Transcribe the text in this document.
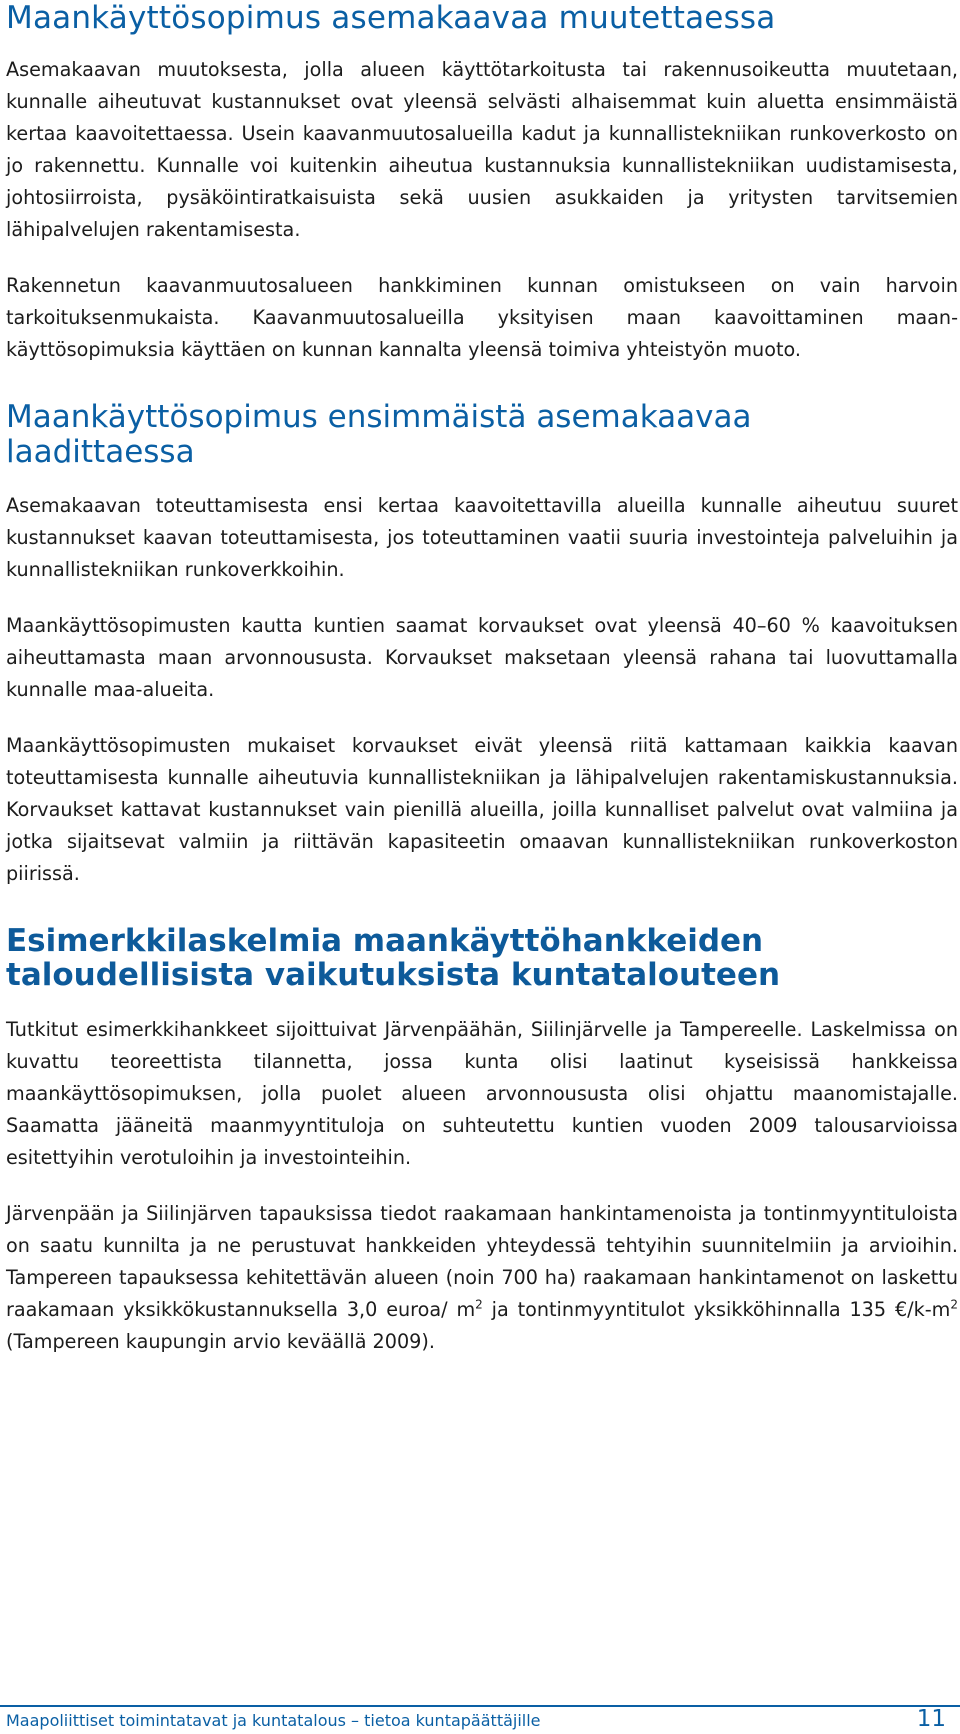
Maankäyttösopimus asemakaavaa muutettaessa

Asemakaavan muutoksesta, jolla alueen käyttötarkoitusta tai rakennusoikeutta muutetaan, kunnalle aiheutuvat kustannukset ovat yleensä selvästi alhaisemmat kuin aluetta ensimmäistä kertaa kaavoitettaessa. Usein kaavanmuutosalueilla kadut ja kunnallistekniikan runkoverkosto on jo rakennettu. Kunnalle voi kuitenkin aiheutua kustannuksia kunnallistekniikan uudistamisesta, johtosiirroista, pysäköintiratkaisuista sekä uusien asukkaiden ja yritysten tarvitsemien lähipalvelujen rakentamisesta.

Rakennetun kaavanmuutosalueen hankkiminen kunnan omistukseen on vain harvoin tarkoituksenmukaista. Kaavanmuutosalueilla yksityisen maan kaavoittaminen maankäyttösopimuksia käyttäen on kunnan kannalta yleensä toimiva yhteistyön muoto.

Maankäyttösopimus ensimmäistä asemakaavaa
laadittaessa

Asemakaavan toteuttamisesta ensi kertaa kaavoitettavilla alueilla kunnalle aiheutuu suuret kustannukset kaavan toteuttamisesta, jos toteuttaminen vaatii suuria investointeja palveluihin ja kunnallistekniikan runkoverkkoihin.

Maankäyttösopimusten kautta kuntien saamat korvaukset ovat yleensä 40–60 % kaavoituksen aiheuttamasta maan arvonnoususta. Korvaukset maksetaan yleensä rahana tai luovuttamalla kunnalle maa-alueita.

Maankäyttösopimusten mukaiset korvaukset eivät yleensä riitä kattamaan kaikkia kaavan toteuttamisesta kunnalle aiheutuvia kunnallistekniikan ja lähipalvelujen rakentamiskustannuksia. Korvaukset kattavat kustannukset vain pienillä alueilla, joilla kunnalliset palvelut ovat valmiina ja jotka sijaitsevat valmiin ja riittävän kapasiteetin omaavan kunnallistekniikan runkoverkoston piirissä.

Esimerkkilaskelmia maankäyttöhankkeiden
taloudellisista vaikutuksista kuntatalouteen

Tutkitut esimerkkihankkeet sijoittuivat Järvenpäähän, Siilinjärvelle ja Tampereelle. Laskelmissa on kuvattu teoreettista tilannetta, jossa kunta olisi laatinut kyseisissä hankkeissa maankäyttösopimuksen, jolla puolet alueen arvonnoususta olisi ohjattu maanomistajalle. Saamatta jääneitä maanmyyntituloja on suhteutettu kuntien vuoden 2009 talousarvioissa esitettyihin verotuloihin ja investointeihin.

Järvenpään ja Siilinjärven tapauksissa tiedot raakamaan hankintamenoista ja tontinmyyntituloista on saatu kunnilta ja ne perustuvat hankkeiden yhteydessä tehtyihin suunnitelmiin ja arvioihin. Tampereen tapauksessa kehitettävän alueen (noin 700 ha) raakamaan hankintamenot on laskettu raakamaan yksikkökustannuksella 3,0 euroa/ $m^2$ ja tontinmyyntitulot yksikköhinnalla 135 $€/k-m^2$ (Tampereen kaupungin arvio keväällä 2009).

Maapoliittiset toimintatavat ja kuntatalous – tietoa kuntapäättäjille	11
